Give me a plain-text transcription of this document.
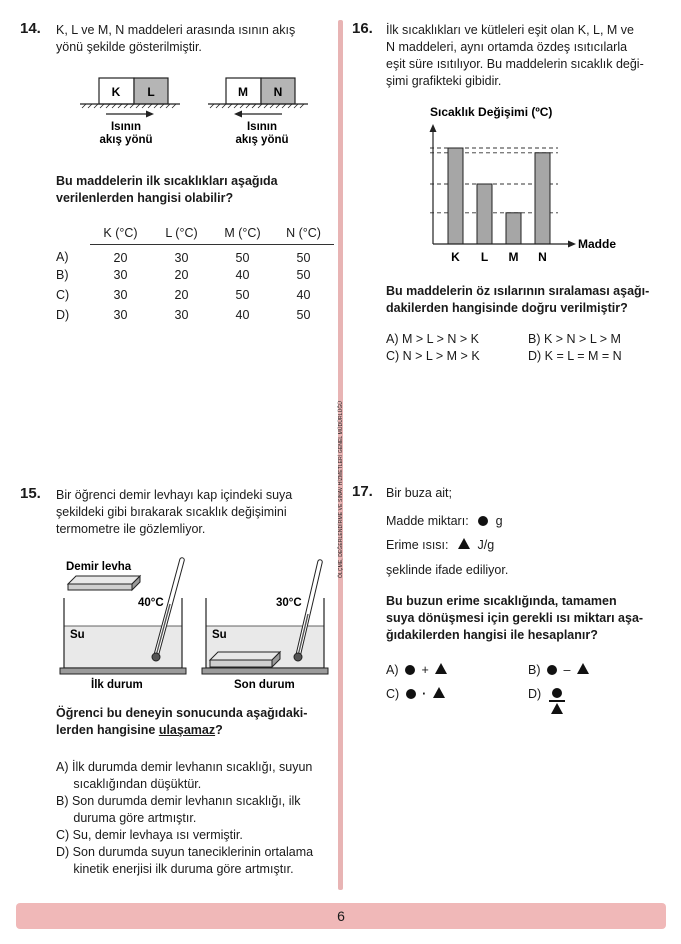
ÖLÇME, DEĞERLENDİRME VE SINAV HİZMETLERİ GENEL MÜDÜRLÜĞÜ
14. K, L ve M, N maddeleri arasında ısının akış
yönü şekilde gösterilmiştir.
K L	M N
Isının
akış yönü
Isının
akış yönü
Bu maddelerin ilk sıcaklıkları aşağıda
verilenlerden hangisi olabilir?
	K (°C)	L (°C)	M (°C)	N (°C)
A)	20	30	50	50
B)	30	20	40	50
C)	30	20	50	40
D)	30	30	40	50
16. İlk sıcaklıkları ve kütleleri eşit olan K, L, M ve
N maddeleri, aynı ortamda özdeş ısıtıcılarla
eşit süre ısıtılıyor. Bu maddelerin sıcaklık deği-
şimi grafikteki gibidir.
Sıcaklık Değişimi (ºC)
Madde
K L M N
Bu maddelerin öz ısılarının sıralaması aşağı-
dakilerden hangisinde doğru verilmiştir?
A) M > L > N > K	B) K > N > L > M
C) N > L > M > K	D) K = L = M = N
15. Bir öğrenci demir levhayı kap içindeki suya
şekildeki gibi bırakarak sıcaklık değişimini
termometre ile gözlemliyor.
Demir levha
Su
40°C
İlk durum
Su
30°C
Son durum
Öğrenci bu deneyin sonucunda aşağıdaki-
lerden hangisine ulaşamaz?
A) İlk durumda demir levhanın sıcaklığı, suyun
sıcaklığından düşüktür.
B) Son durumda demir levhanın sıcaklığı, ilk
duruma göre artmıştır.
C) Su, demir levhaya ısı vermiştir.
D) Son durumda suyun taneciklerinin ortalama
kinetik enerjisi ilk duruma göre artmıştır.
17. Bir buza ait;
Madde miktarı: g
Erime ısısı: J/g
şeklinde ifade ediliyor.
Bu buzun erime sıcaklığında, tamamen
suya dönüşmesi için gerekli ısı miktarı aşa-
ğıdakilerden hangisi ile hesaplanır?
A) +	B) –
C) ·	D)
6
